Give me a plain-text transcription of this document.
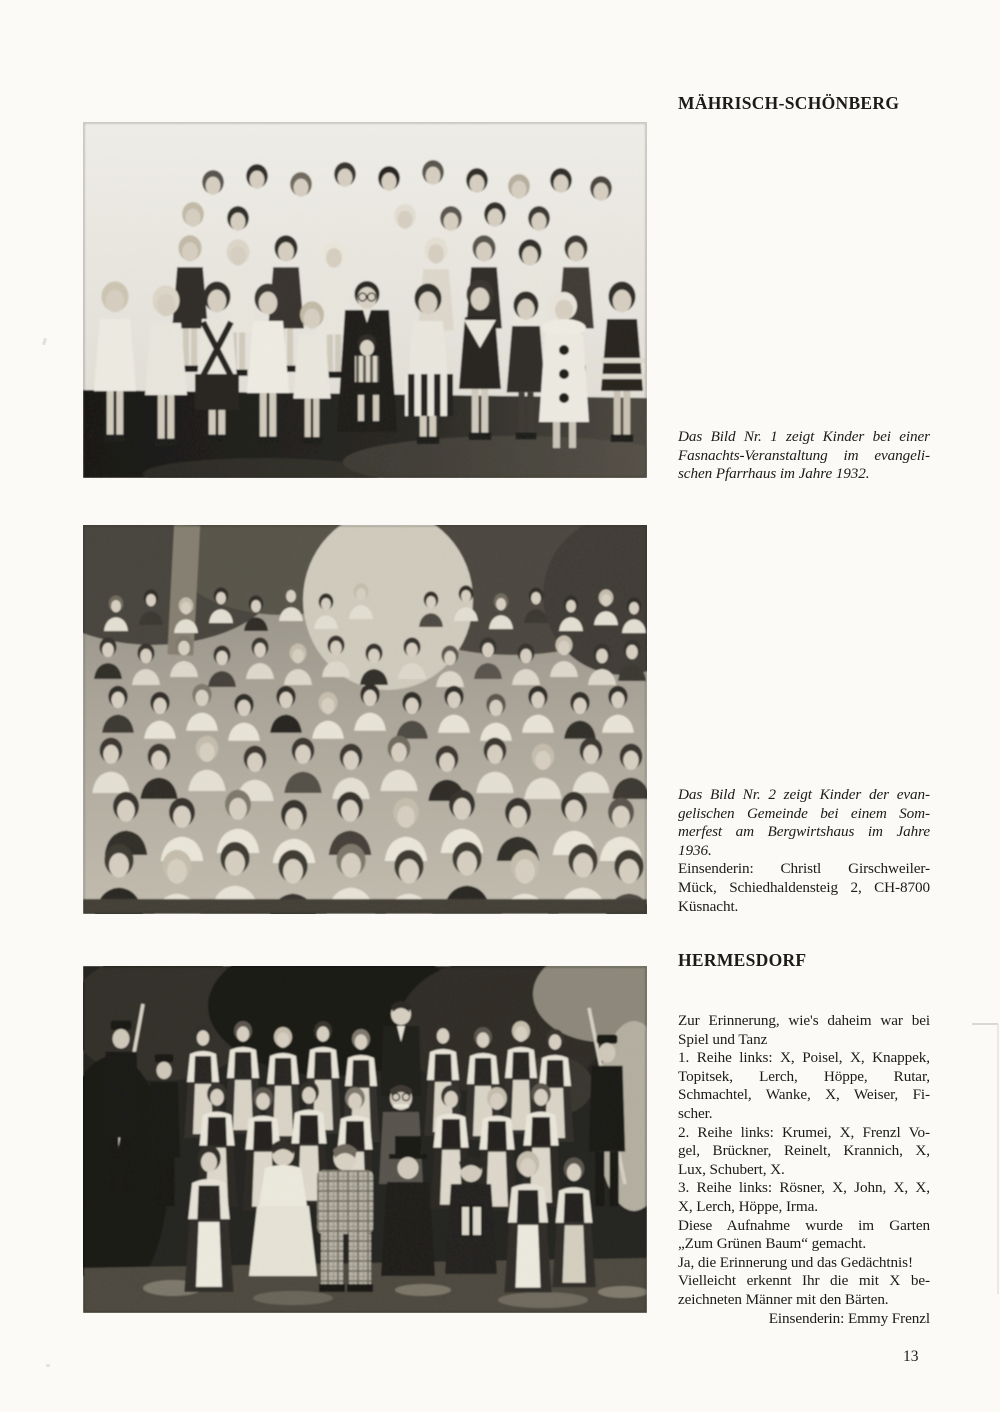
MÄHRISCH-SCHÖNBERG
Das Bild Nr. 1 zeigt Kinder bei einer
Fasnachts-Veranstaltung im evangeli-
schen Pfarrhaus im Jahre 1932.
Das Bild Nr. 2 zeigt Kinder der evan-
gelischen Gemeinde bei einem Som-
merfest am Bergwirtshaus im Jahre
1936.
Einsenderin: Christl Girschweiler-
Mück, Schiedhaldensteig 2, CH-8700
Küsnacht.
HERMESDORF
Zur Erinnerung, wie's daheim war bei
Spiel und Tanz
1. Reihe links: X, Poisel, X, Knappek,
Topitsek, Lerch, Höppe, Rutar,
Schmachtel, Wanke, X, Weiser, Fi-
scher.
2. Reihe links: Krumei, X, Frenzl Vo-
gel, Brückner, Reinelt, Krannich, X,
Lux, Schubert, X.
3. Reihe links: Rösner, X, John, X, X,
X, Lerch, Höppe, Irma.
Diese Aufnahme wurde im Garten
„Zum Grünen Baum“ gemacht.
Ja, die Erinnerung und das Gedächtnis!
Vielleicht erkennt Ihr die mit X be-
zeichneten Männer mit den Bärten.
Einsenderin: Emmy Frenzl
13
